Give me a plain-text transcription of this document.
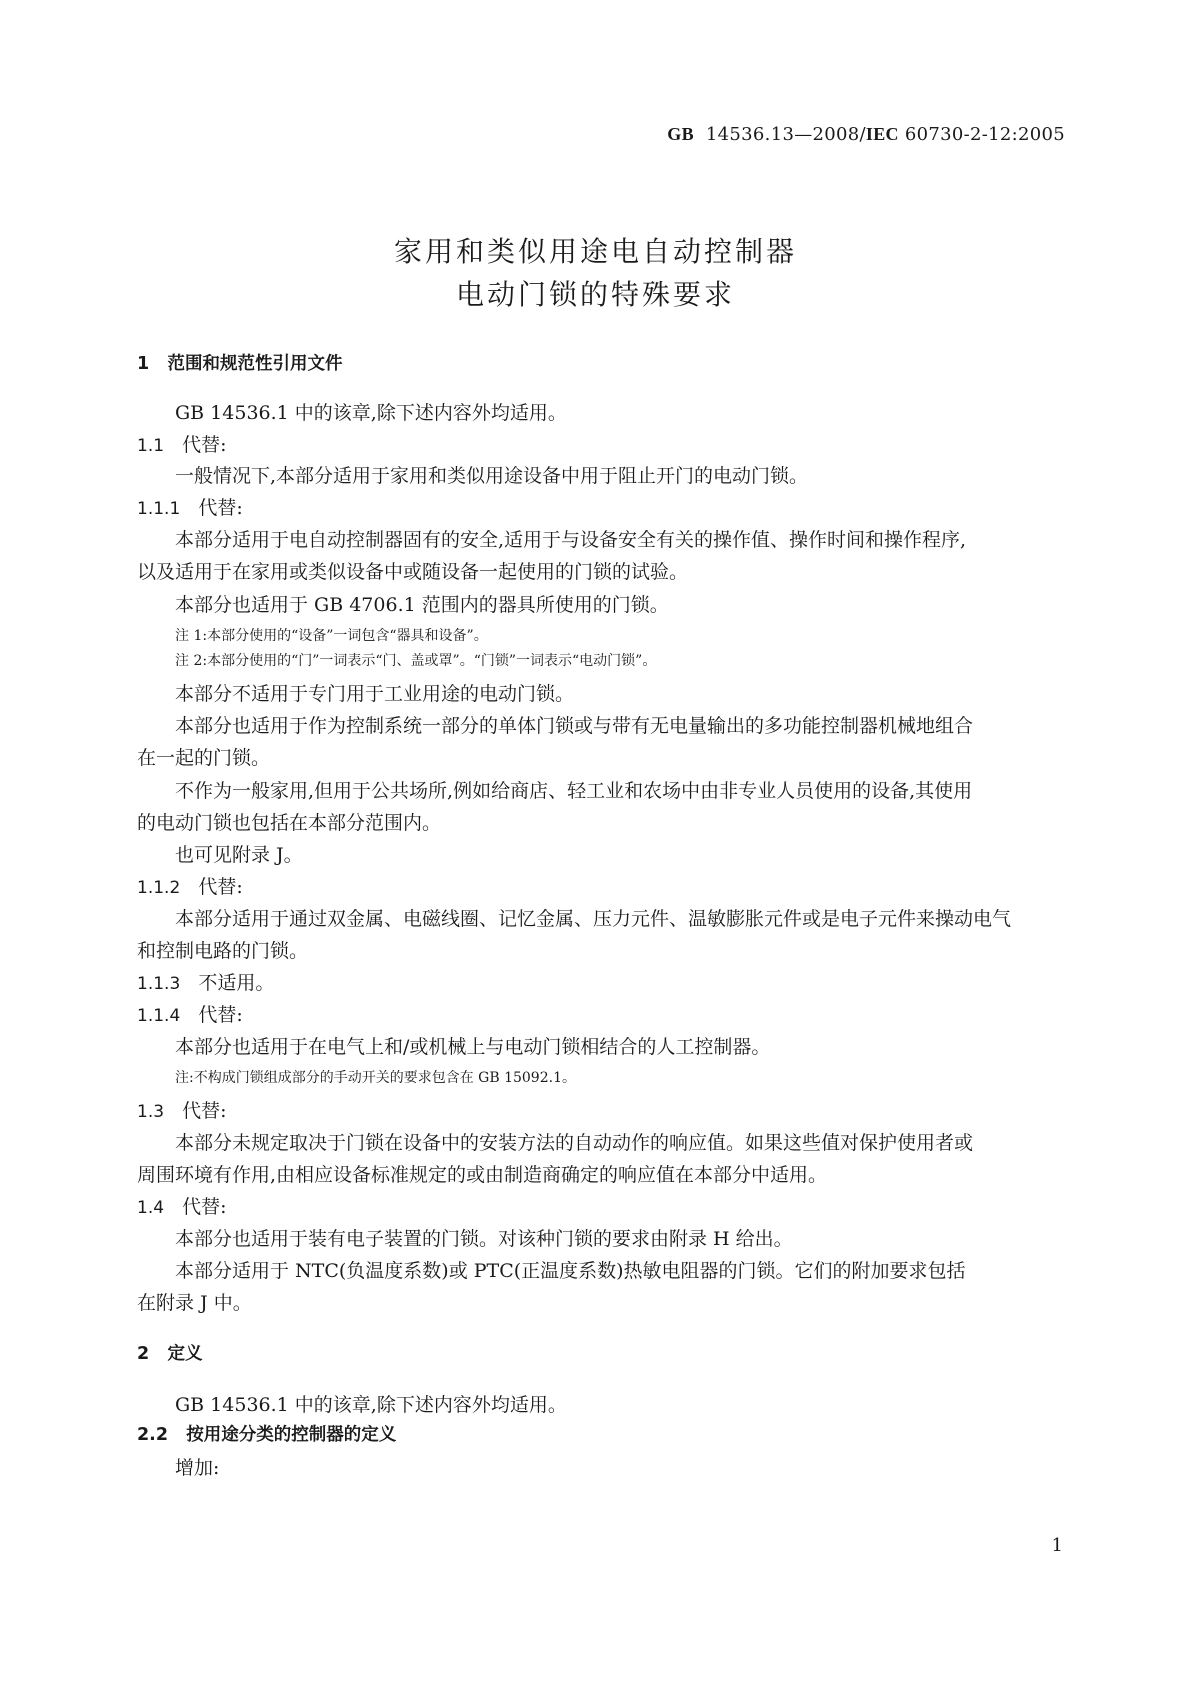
GB 14536.13—2008/IEC 60730-2-12:2005
家用和类似用途电自动控制器
电动门锁的特殊要求
1 范围和规范性引用文件
GB 14536.1 中的该章,除下述内容外均适用。
1.1 代替:
一般情况下,本部分适用于家用和类似用途设备中用于阻止开门的电动门锁。
1.1.1 代替:
本部分适用于电自动控制器固有的安全,适用于与设备安全有关的操作值、操作时间和操作程序,
以及适用于在家用或类似设备中或随设备一起使用的门锁的试验。
本部分也适用于 GB 4706.1 范围内的器具所使用的门锁。
注 1:本部分使用的“设备”一词包含“器具和设备”。
注 2:本部分使用的“门”一词表示“门、盖或罩”。“门锁”一词表示“电动门锁”。
本部分不适用于专门用于工业用途的电动门锁。
本部分也适用于作为控制系统一部分的单体门锁或与带有无电量输出的多功能控制器机械地组合
在一起的门锁。
不作为一般家用,但用于公共场所,例如给商店、轻工业和农场中由非专业人员使用的设备,其使用
的电动门锁也包括在本部分范围内。
也可见附录 J。
1.1.2 代替:
本部分适用于通过双金属、电磁线圈、记忆金属、压力元件、温敏膨胀元件或是电子元件来操动电气
和控制电路的门锁。
1.1.3 不适用。
1.1.4 代替:
本部分也适用于在电气上和/或机械上与电动门锁相结合的人工控制器。
注:不构成门锁组成部分的手动开关的要求包含在 GB 15092.1。
1.3 代替:
本部分未规定取决于门锁在设备中的安装方法的自动动作的响应值。如果这些值对保护使用者或
周围环境有作用,由相应设备标准规定的或由制造商确定的响应值在本部分中适用。
1.4 代替:
本部分也适用于装有电子装置的门锁。对该种门锁的要求由附录 H 给出。
本部分适用于 NTC(负温度系数)或 PTC(正温度系数)热敏电阻器的门锁。它们的附加要求包括
在附录 J 中。
2 定义
GB 14536.1 中的该章,除下述内容外均适用。
2.2 按用途分类的控制器的定义
增加:
1
